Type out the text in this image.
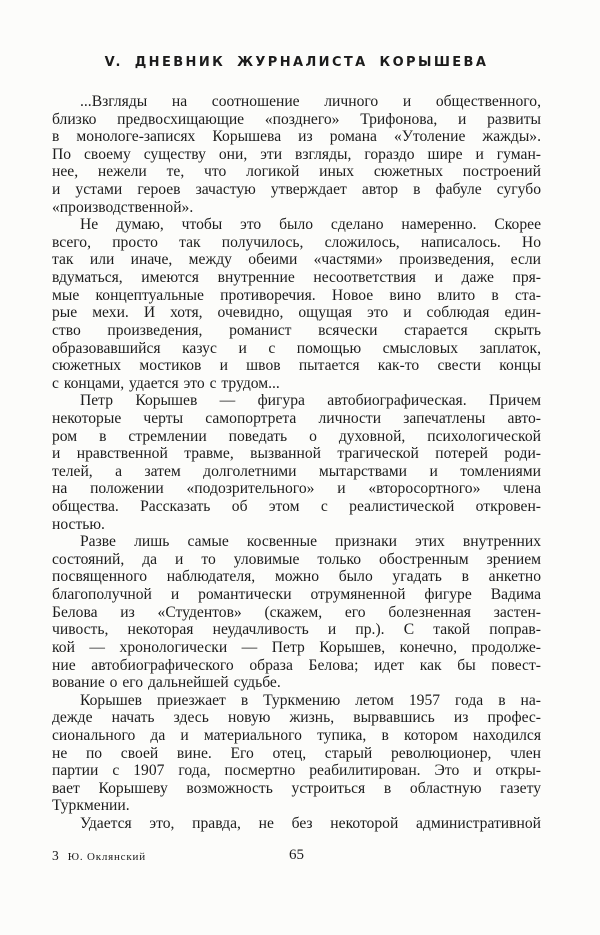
V. ДНЕВНИК ЖУРНАЛИСТА КОРЫШЕВА
...Взгляды на соотношение личного и общественного,
близко предвосхищающие «позднего» Трифонова, и развиты
в монологе-записях Корышева из романа «Утоление жажды».
По своему существу они, эти взгляды, гораздо шире и гуман-
нее, нежели те, что логикой иных сюжетных построений
и устами героев зачастую утверждает автор в фабуле сугубо
«производственной».
Не думаю, чтобы это было сделано намеренно. Скорее
всего, просто так получилось, сложилось, написалось. Но
так или иначе, между обеими «частями» произведения, если
вдуматься, имеются внутренние несоответствия и даже пря-
мые концептуальные противоречия. Новое вино влито в ста-
рые мехи. И хотя, очевидно, ощущая это и соблюдая един-
ство произведения, романист всячески старается скрыть
образовавшийся казус и с помощью смысловых заплаток,
сюжетных мостиков и швов пытается как-то свести концы
с концами, удается это с трудом...
Петр Корышев — фигура автобиографическая. Причем
некоторые черты самопортрета личности запечатлены авто-
ром в стремлении поведать о духовной, психологической
и нравственной травме, вызванной трагической потерей роди-
телей, а затем долголетними мытарствами и томлениями
на положении «подозрительного» и «второсортного» члена
общества. Рассказать об этом с реалистической откровен-
ностью.
Разве лишь самые косвенные признаки этих внутренних
состояний, да и то уловимые только обостренным зрением
посвященного наблюдателя, можно было угадать в анкетно
благополучной и романтически отрумяненной фигуре Вадима
Белова из «Студентов» (скажем, его болезненная застен-
чивость, некоторая неудачливость и пр.). С такой поправ-
кой — хронологически — Петр Корышев, конечно, продолже-
ние автобиографического образа Белова; идет как бы повест-
вование о его дальнейшей судьбе.
Корышев приезжает в Туркмению летом 1957 года в на-
дежде начать здесь новую жизнь, вырвавшись из профес-
сионального да и материального тупика, в котором находился
не по своей вине. Его отец, старый революционер, член
партии с 1907 года, посмертно реабилитирован. Это и откры-
вает Корышеву возможность устроиться в областную газету
Туркмении.
Удается это, правда, не без некоторой административной
3 Ю. Оклянский	65
